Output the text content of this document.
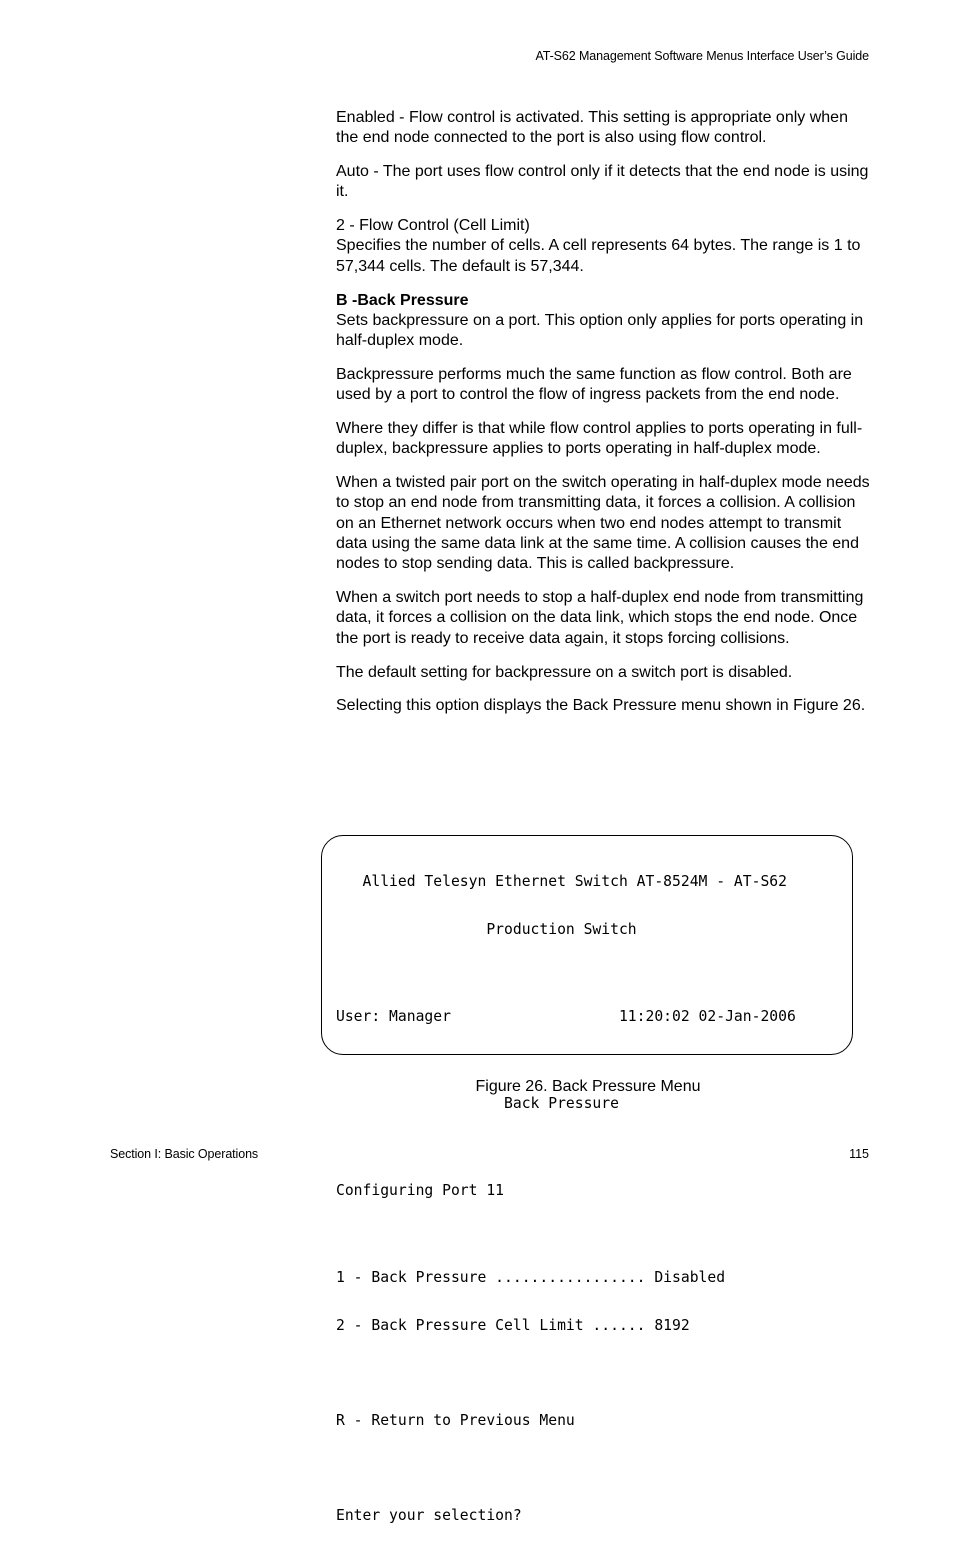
AT-S62 Management Software Menus Interface User’s Guide

Enabled - Flow control is activated. This setting is appropriate only when the end node connected to the port is also using flow control.

Auto - The port uses flow control only if it detects that the end node is using it.

2 - Flow Control (Cell Limit)
Specifies the number of cells. A cell represents 64 bytes. The range is 1 to 57,344 cells. The default is 57,344.

B -Back Pressure
Sets backpressure on a port. This option only applies for ports operating in half-duplex mode.

Backpressure performs much the same function as flow control. Both are used by a port to control the flow of ingress packets from the end node.

Where they differ is that while flow control applies to ports operating in full-duplex, backpressure applies to ports operating in half-duplex mode.

When a twisted pair port on the switch operating in half-duplex mode needs to stop an end node from transmitting data, it forces a collision. A collision on an Ethernet network occurs when two end nodes attempt to transmit data using the same data link at the same time. A collision causes the end nodes to stop sending data. This is called backpressure.

When a switch port needs to stop a half-duplex end node from transmitting data, it forces a collision on the data link, which stops the end node. Once the port is ready to receive data again, it stops forcing collisions.

The default setting for backpressure on a switch port is disabled.

Selecting this option displays the Back Pressure menu shown in Figure 26.

Allied Telesyn Ethernet Switch AT-8524M - AT-S62

Production Switch

User: Manager                   11:20:02 02-Jan-2006

Back Pressure

Configuring Port 11

1 - Back Pressure ................. Disabled

2 - Back Pressure Cell Limit ...... 8192

R - Return to Previous Menu

Enter your selection?

Figure 26. Back Pressure Menu
Section I: Basic Operations	115
